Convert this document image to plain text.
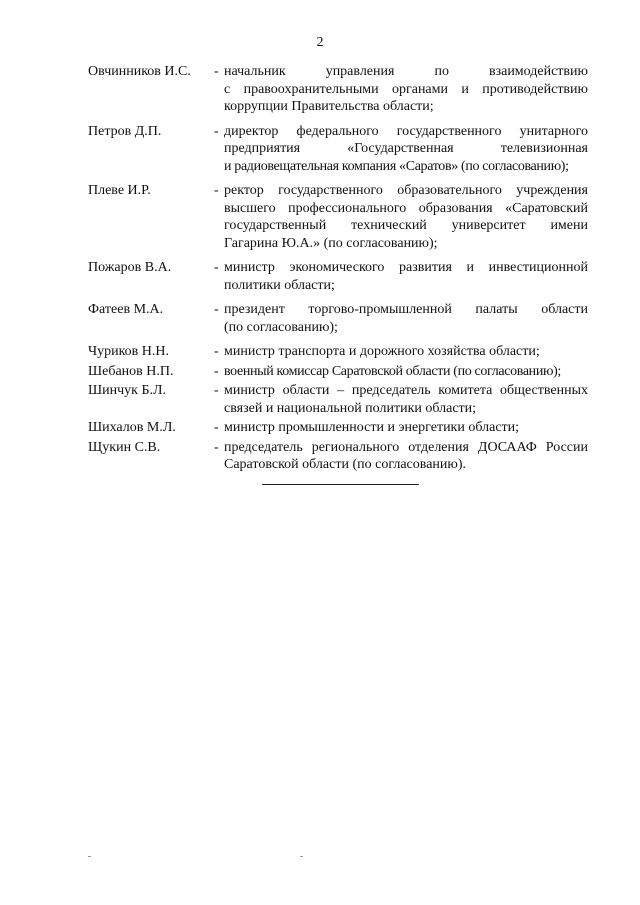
2
Овчинников И.С.	- начальник управления по взаимодействию
с правоохранительными органами и противодействию
коррупции Правительства области;
Петров Д.П.	- директор федерального государственного унитарного
предприятия «Государственная телевизионная
и радиовещательная компания «Саратов» (по согласованию);
Плеве И.Р.	- ректор государственного образовательного учреждения
высшего профессионального образования «Саратовский
государственный технический университет имени
Гагарина Ю.А.» (по согласованию);
Пожаров В.А.	- министр экономического развития и инвестиционной
политики области;
Фатеев М.А.	- президент торгово-промышленной палаты области
(по согласованию);
Чуриков Н.Н.	- министр транспорта и дорожного хозяйства области;
Шебанов Н.П.	- военный комиссар Саратовской области (по согласованию);
Шинчук Б.Л.	- министр области – председатель комитета общественных
связей и национальной политики области;
Шихалов М.Л.	- министр промышленности и энергетики области;
Щукин С.В.	- председатель регионального отделения ДОСААФ России
Саратовской области (по согласованию).
